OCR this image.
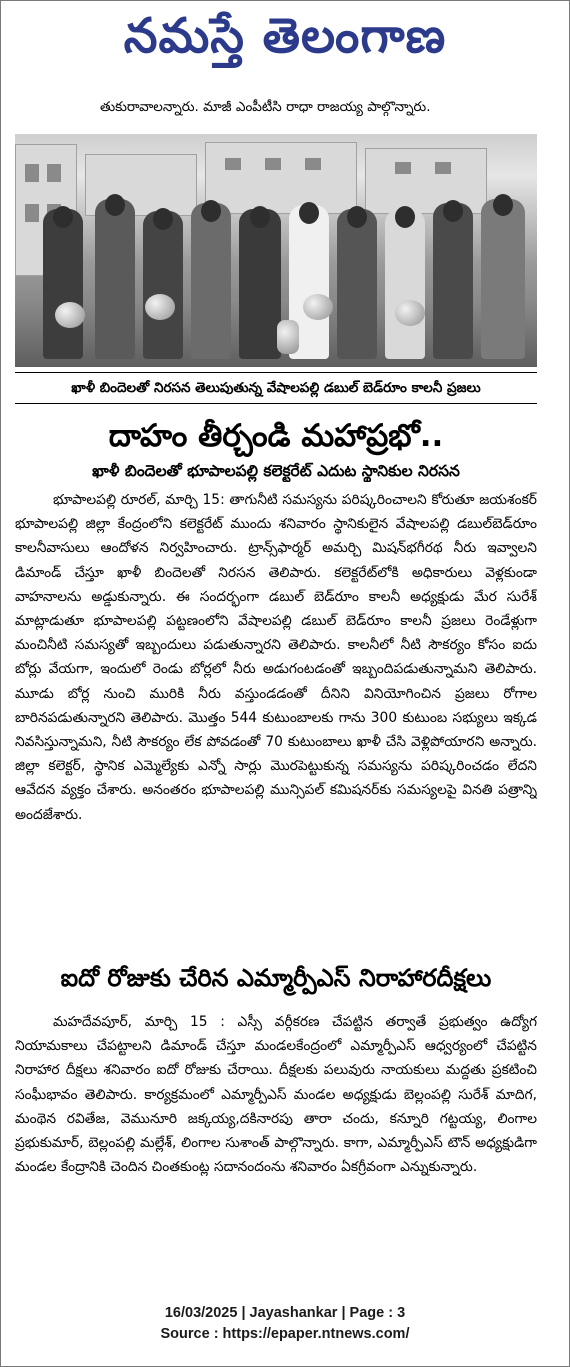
నమస్తే తెలంగాణ
తుకురావాలన్నారు. మాజీ ఎంపీటీసి రాధా రాజయ్య పాల్గొన్నారు.
ఖాళీ బిందెలతో నిరసన తెలుపుతున్న వేషాలపల్లి డబుల్ బెడ్‌రూం కాలనీ ప్రజలు
దాహం తీర్చండి మహాప్రభో..
ఖాళీ బిందెలతో భూపాలపల్లి కలెక్టరేట్ ఎదుట స్థానికుల నిరసన

భూపాలపల్లి రూరల్, మార్చి 15: తాగునీటి సమస్యను పరిష్కరించాలని కోరుతూ జయశంకర్ భూపాలపల్లి జిల్లా కేంద్రంలోని కలెక్టరేట్ ముందు శనివారం స్థానికులైన వేషాలపల్లి డబుల్‌బెడ్‌రూం కాలనీవాసులు ఆందోళన నిర్వహించారు. ట్రాన్స్‌ఫార్మర్ అమర్చి మిషన్‌భగీరథ నీరు ఇవ్వాలని డిమాండ్ చేస్తూ ఖాళీ బిందెలతో నిరసన తెలిపారు. కలెక్టరేట్‌లోకి అధికారులు వెళ్లకుండా వాహనాలను అడ్డుకున్నారు. ఈ సందర్భంగా డబుల్ బెడ్‌రూం కాలనీ అధ్యక్షుడు మేర సురేశ్ మాట్లాడుతూ భూపాలపల్లి పట్టణంలోని వేషాలపల్లి డబుల్ బెడ్‌రూం కాలనీ ప్రజలు రెండేళ్లుగా మంచినీటి సమస్యతో ఇబ్బందులు పడుతున్నారని తెలిపారు. కాలనీలో నీటి సౌకర్యం కోసం ఐదు బోర్లు వేయగా, ఇందులో రెండు బోర్లలో నీరు అడుగంటడంతో ఇబ్బందిపడుతున్నామని తెలిపారు. మూడు బోర్ల నుంచి మురికి నీరు వస్తుండడంతో దీనిని వినియోగించిన ప్రజలు రోగాల బారినపడుతున్నారని తెలిపారు. మొత్తం 544 కుటుంబాలకు గాను 300 కుటుంబ సభ్యులు ఇక్కడ నివసిస్తున్నామని, నీటి సౌకర్యం లేక పోవడంతో 70 కుటుంబాలు ఖాళీ చేసి వెళ్లిపోయారని అన్నారు. జిల్లా కలెక్టర్, స్థానిక ఎమ్మెల్యేకు ఎన్నో సార్లు మొరపెట్టుకున్న సమస్యను పరిష్కరించడం లేదని ఆవేదన వ్యక్తం చేశారు. అనంతరం భూపాలపల్లి మున్సిపల్ కమిషనర్‌కు సమస్యలపై వినతి పత్రాన్ని అందజేశారు.

ఐదో రోజుకు చేరిన ఎమ్మార్పీఎస్ నిరాహారదీక్షలు

మహదేవపూర్, మార్చి 15 : ఎస్సీ వర్గీకరణ చేపట్టిన తర్వాతే ప్రభుత్వం ఉద్యోగ నియామకాలు చేపట్టాలని డిమాండ్ చేస్తూ మండలకేంద్రంలో ఎమ్మార్పీఎస్ ఆధ్వర్యంలో చేపట్టిన నిరాహార దీక్షలు శనివారం ఐదో రోజుకు చేరాయి. దీక్షలకు పలువురు నాయకులు మద్దతు ప్రకటించి సంఘీభావం తెలిపారు. కార్యక్రమంలో ఎమ్మార్పీఎస్ మండల అధ్యక్షుడు బెల్లంపల్లి సురేశ్ మాదిగ, మంథెన రవితేజ, వెమునూరి జక్కయ్య,దకినారపు తారా చందు, కన్నూరి గట్టయ్య, లింగాల ప్రభుకుమార్, బెల్లంపల్లి మల్లేశ్, లింగాల సుశాంత్ పాల్గొన్నారు. కాగా, ఎమ్మార్పీఎస్ టౌన్ అధ్యక్షుడిగా మండల కేంద్రానికి చెందిన చింతకుంట్ల సదానందంను శనివారం ఏకగ్రీవంగా ఎన్నుకున్నారు.

16/03/2025 | Jayashankar | Page : 3
Source : https://epaper.ntnews.com/
